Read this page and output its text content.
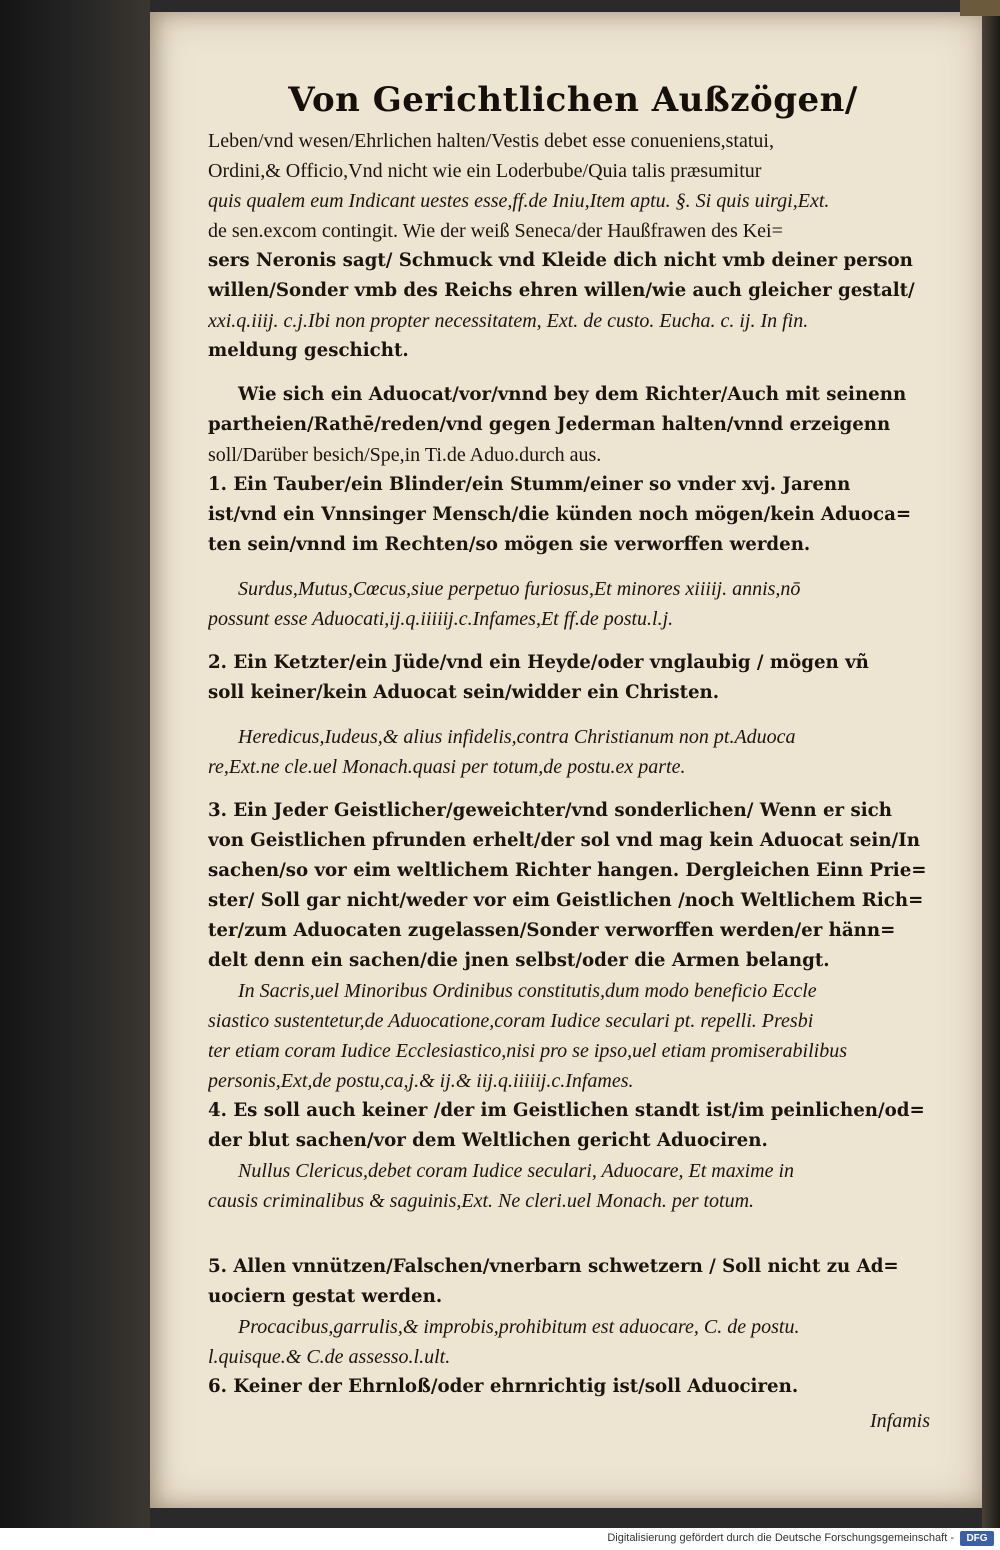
Von Gerichtlichen Außzögen/
Leben/vnd wesen/Ehrlichen halten/Vestis debet esse conueniens,statui,
Ordini,& Officio,Vnd nicht wie ein Loderbube/Quia talis præsumitur
quis qualem eum Indicant uestes esse,ff.de Iniu,Item aptu. §. Si quis uirgi,Ext.
de sen.excom contingit. Wie der weiß Seneca/der Haußfrawen des Kei=
sers Neronis sagt/ Schmuck vnd Kleide dich nicht vmb deiner person
willen/Sonder vmb des Reichs ehren willen/wie auch gleicher gestalt/
xxi.q.iiij. c.j.Ibi non propter necessitatem, Ext. de custo. Eucha. c. ij. In fin.
meldung geschicht.
Wie sich ein Aduocat/vor/vnnd bey dem Richter/Auch mit seinenn
partheien/Rathē/reden/vnd gegen Jederman halten/vnnd erzeigenn
soll/Darüber besich/Spe,in Ti.de Aduo.durch aus.
1. Ein Tauber/ein Blinder/ein Stumm/einer so vnder xvj. Jarenn
ist/vnd ein Vnnsinger Mensch/die künden noch mögen/kein Aduoca=
ten sein/vnnd im Rechten/so mögen sie verworffen werden.
Surdus,Mutus,Cœcus,siue perpetuo furiosus,Et minores xiiiij. annis,nō
possunt esse Aduocati,ij.q.iiiiij.c.Infames,Et ff.de postu.l.j.
2. Ein Ketzter/ein Jüde/vnd ein Heyde/oder vnglaubig / mögen vñ
soll keiner/kein Aduocat sein/widder ein Christen.
Heredicus,Iudeus,& alius infidelis,contra Christianum non pt.Aduoca
re,Ext.ne cle.uel Monach.quasi per totum,de postu.ex parte.
3. Ein Jeder Geistlicher/geweichter/vnd sonderlichen/ Wenn er sich
von Geistlichen pfrunden erhelt/der sol vnd mag kein Aduocat sein/In
sachen/so vor eim weltlichem Richter hangen. Dergleichen Einn Prie=
ster/ Soll gar nicht/weder vor eim Geistlichen /noch Weltlichem Rich=
ter/zum Aduocaten zugelassen/Sonder verworffen werden/er hänn=
delt denn ein sachen/die jnen selbst/oder die Armen belangt.
In Sacris,uel Minoribus Ordinibus constitutis,dum modo beneficio Eccle
siastico sustentetur,de Aduocatione,coram Iudice seculari pt. repelli. Presbi
ter etiam coram Iudice Ecclesiastico,nisi pro se ipso,uel etiam promiserabilibus
personis,Ext,de postu,ca,j.& ij.& iij.q.iiiiij.c.Infames.
4. Es soll auch keiner /der im Geistlichen standt ist/im peinlichen/od=
der blut sachen/vor dem Weltlichen gericht Aduociren.
Nullus Clericus,debet coram Iudice seculari, Aduocare, Et maxime in
causis criminalibus & saguinis,Ext. Ne cleri.uel Monach. per totum.
5. Allen vnnützen/Falschen/vnerbarn schwetzern / Soll nicht zu Ad=
uociern gestat werden.
Procacibus,garrulis,& improbis,prohibitum est aduocare, C. de postu.
l.quisque.& C.de assesso.l.ult.
6. Keiner der Ehrnloß/oder ehrnrichtig ist/soll Aduociren.
Infamis
Digitalisierung gefördert durch die Deutsche Forschungsgemeinschaft -	DFG
